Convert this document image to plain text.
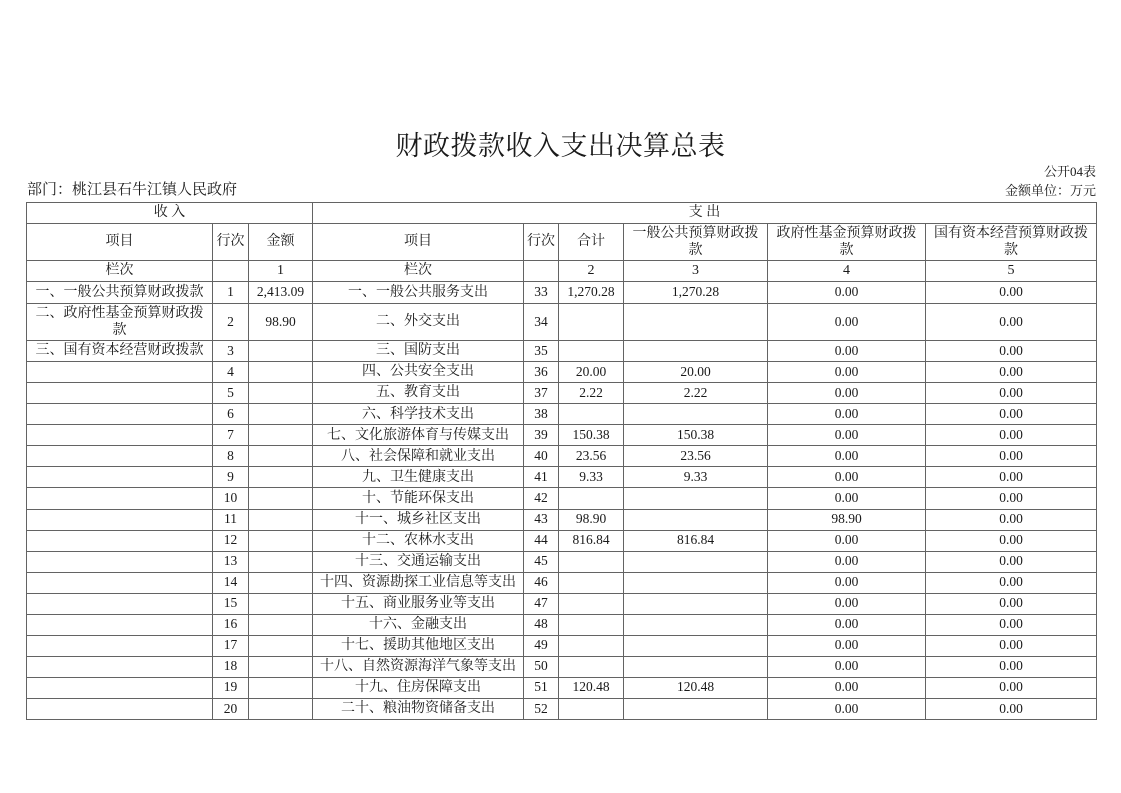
财政拨款收入支出决算总表
公开04表
部门：桃江县石牛江镇人民政府	金额单位：万元
收 入			支 出					
项目	行次	金额	项目	行次	合计	一般公共预算财政拨款	政府性基金预算财政拨款	国有资本经营预算财政拨款
栏次		1	栏次		2	3	4	5
一、一般公共预算财政拨款	1	2,413.09	一、一般公共服务支出	33	1,270.28	1,270.28	0.00	0.00
二、政府性基金预算财政拨款	2	98.90	二、外交支出	34			0.00	0.00
三、国有资本经营财政拨款	3		三、国防支出	35			0.00	0.00
	4		四、公共安全支出	36	20.00	20.00	0.00	0.00
	5		五、教育支出	37	2.22	2.22	0.00	0.00
	6		六、科学技术支出	38			0.00	0.00
	7		七、文化旅游体育与传媒支出	39	150.38	150.38	0.00	0.00
	8		八、社会保障和就业支出	40	23.56	23.56	0.00	0.00
	9		九、卫生健康支出	41	9.33	9.33	0.00	0.00
	10		十、节能环保支出	42			0.00	0.00
	11		十一、城乡社区支出	43	98.90		98.90	0.00
	12		十二、农林水支出	44	816.84	816.84	0.00	0.00
	13		十三、交通运输支出	45			0.00	0.00
	14		十四、资源勘探工业信息等支出	46			0.00	0.00
	15		十五、商业服务业等支出	47			0.00	0.00
	16		十六、金融支出	48			0.00	0.00
	17		十七、援助其他地区支出	49			0.00	0.00
	18		十八、自然资源海洋气象等支出	50			0.00	0.00
	19		十九、住房保障支出	51	120.48	120.48	0.00	0.00
	20		二十、粮油物资储备支出	52			0.00	0.00
